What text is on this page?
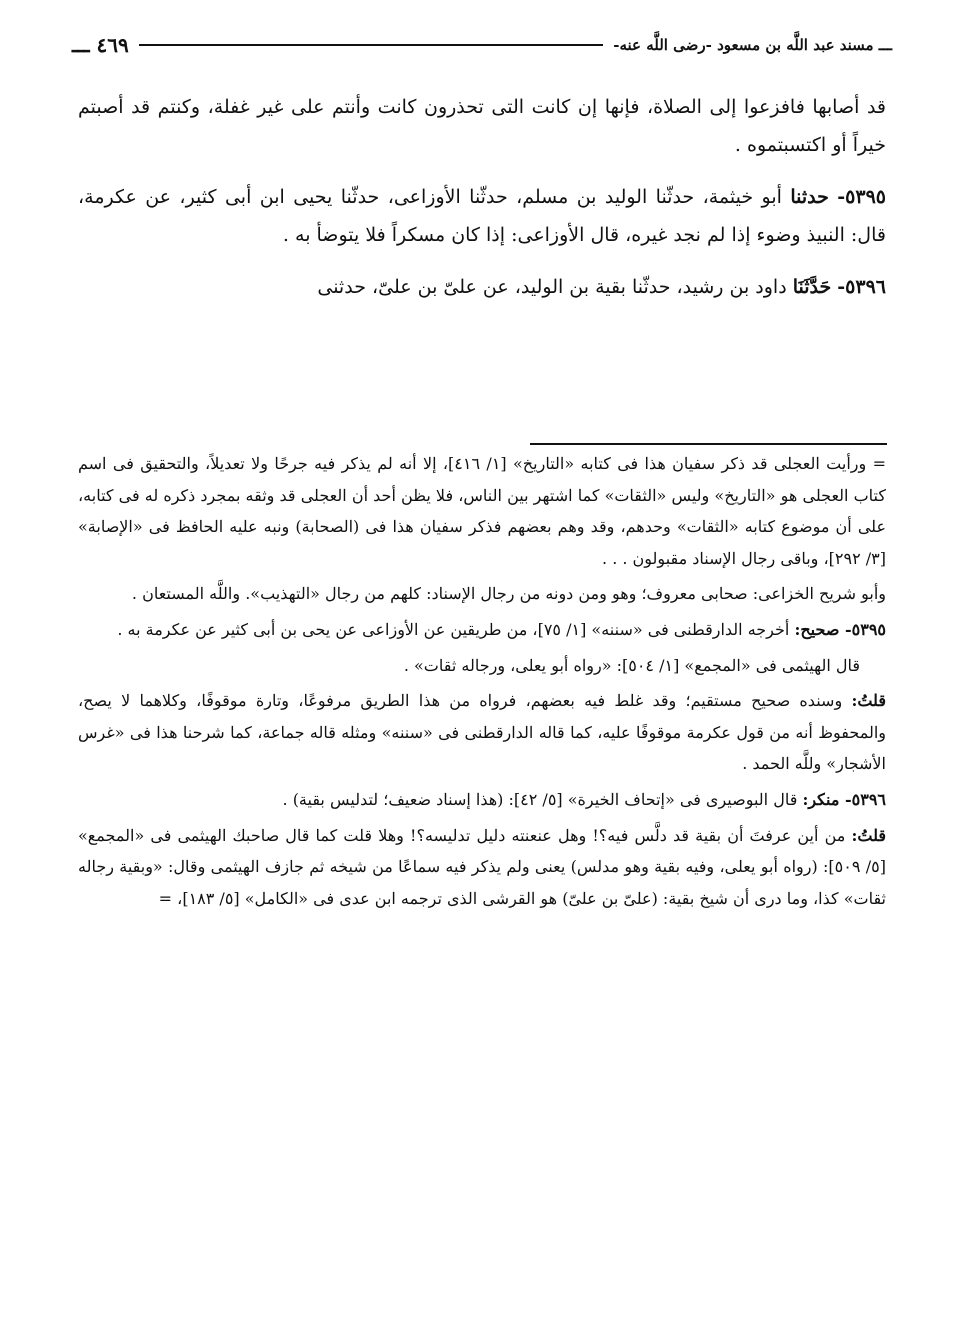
ـــ مسند عبد اللَّه بن مسعود -رضى اللَّه عنه-
٤٦٩ ـــ

قد أصابها فافزعوا إلى الصلاة، فإنها إن كانت التى تحذرون كانت وأنتم على غير غفلة، وكنتم قد أصبتم خيراً أو اكتسبتموه .

٥٣٩٥- حدثنا أبو خيثمة، حدثّنا الوليد بن مسلم، حدثّنا الأوزاعى، حدثّنا يحيى ابن أبى كثير، عن عكرمة، قال: النبيذ وضوء إذا لم نجد غيره، قال الأوزاعى: إذا كان مسكراً فلا يتوضأ به .

٥٣٩٦- حَدَّثَنَا داود بن رشيد، حدثّنا بقية بن الوليد، عن علىّ بن علىّ، حدثنى

= ورأيت العجلى قد ذكر سفيان هذا فى كتابه «التاريخ» [١/ ٤١٦]، إلا أنه لم يذكر فيه جرحًا ولا تعديلاً، والتحقيق فى اسم كتاب العجلى هو «التاريخ» وليس «الثقات» كما اشتهر بين الناس، فلا يظن أحد أن العجلى قد وثقه بمجرد ذكره له فى كتابه، على أن موضوع كتابه «الثقات» وحدهم، وقد وهم بعضهم فذكر سفيان هذا فى (الصحابة) ونبه عليه الحافظ فى «الإصابة» [٣/ ٢٩٢]، وباقى رجال الإسناد مقبولون . . .

وأبو شريح الخزاعى: صحابى معروف؛ وهو ومن دونه من رجال الإسناد: كلهم من رجال «التهذيب». واللَّه المستعان .

٥٣٩٥- صحيح: أخرجه الدارقطنى فى «سننه» [١/ ٧٥]، من طريقين عن الأوزاعى عن يحى بن أبى كثير عن عكرمة به .

قال الهيثمى فى «المجمع» [١/ ٥٠٤]: «رواه أبو يعلى، ورجاله ثقات» .

قلتُ: وسنده صحيح مستقيم؛ وقد غلط فيه بعضهم، فرواه من هذا الطريق مرفوعًا، وتارة موقوفًا، وكلاهما لا يصح، والمحفوظ أنه من قول عكرمة موقوفًا عليه، كما قاله الدارقطنى فى «سننه» ومثله قاله جماعة، كما شرحنا هذا فى «غرس الأشجار» وللَّه الحمد .

٥٣٩٦- منكر: قال البوصيرى فى «إتحاف الخيرة» [٥/ ٤٢]: (هذا إسناد ضعيف؛ لتدليس بقية) .

قلتُ: من أين عرفتَ أن بقية قد دلَّس فيه؟! وهل عنعنته دليل تدليسه؟! وهلا قلت كما قال صاحبك الهيثمى فى «المجمع» [٥/ ٥٠٩]: (رواه أبو يعلى، وفيه بقية وهو مدلس) يعنى ولم يذكر فيه سماعًا من شيخه ثم جازف الهيثمى وقال: «وبقية رجاله ثقات» كذا، وما درى أن شيخ بقية: (علىّ بن علىّ) هو القرشى الذى ترجمه ابن عدى فى «الكامل» [٥/ ١٨٣]، =
